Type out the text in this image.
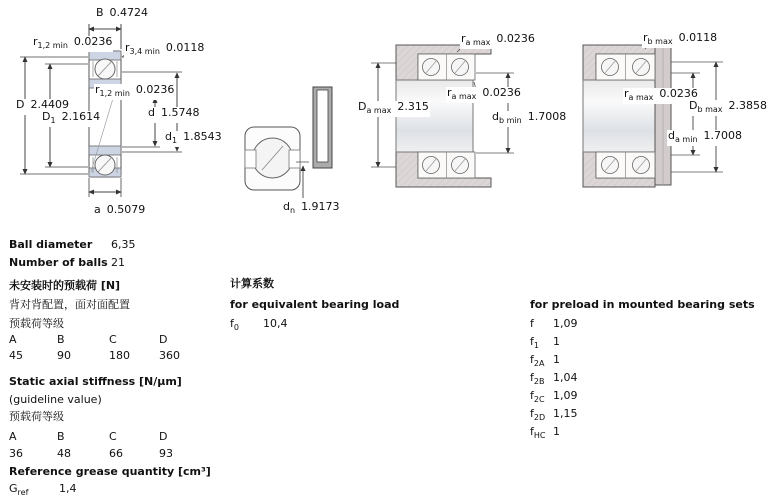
B 0.4724
$r_{1,2 min}$ 0.0236 $r_{3,4 min}$ 0.0118
D 2.4409
$D_1$ 2.1614
$r_{1,2 min}$ 0.0236
d 1.5748
$d_1$ 1.8543
a 0.5079	$d_n$ 1.9173
$r_{a max}$ 0.0236
$D_{a max}$ 2.315
$r_{a max}$ 0.0236
$d_{b min}$ 1.7008
$r_{b max}$ 0.0118
$r_{a max}$ 0.0236
$D_{b max}$ 2.3858
$d_{a min}$ 1.7008
Ball diameter 6,35
Number of balls 21
未安装时的预载荷 [N]
背对背配置，面对面配置
预载荷等级
A	B	C	D
45	90	180	360
Static axial stiffness [N/μm]
(guideline value)
预载荷等级
A	B	C	D
36	48	66	93
Reference grease quantity [cm³]
$G_{ref}$	1,4
计算系数
for equivalent bearing load
$f_0$ 10,4
for preload in mounted bearing sets
f 1,09
$f_1$ 1
$f_{2A}$ 1
$f_{2B}$ 1,04
$f_{2C}$ 1,09
$f_{2D}$ 1,15
$f_{HC}$ 1
